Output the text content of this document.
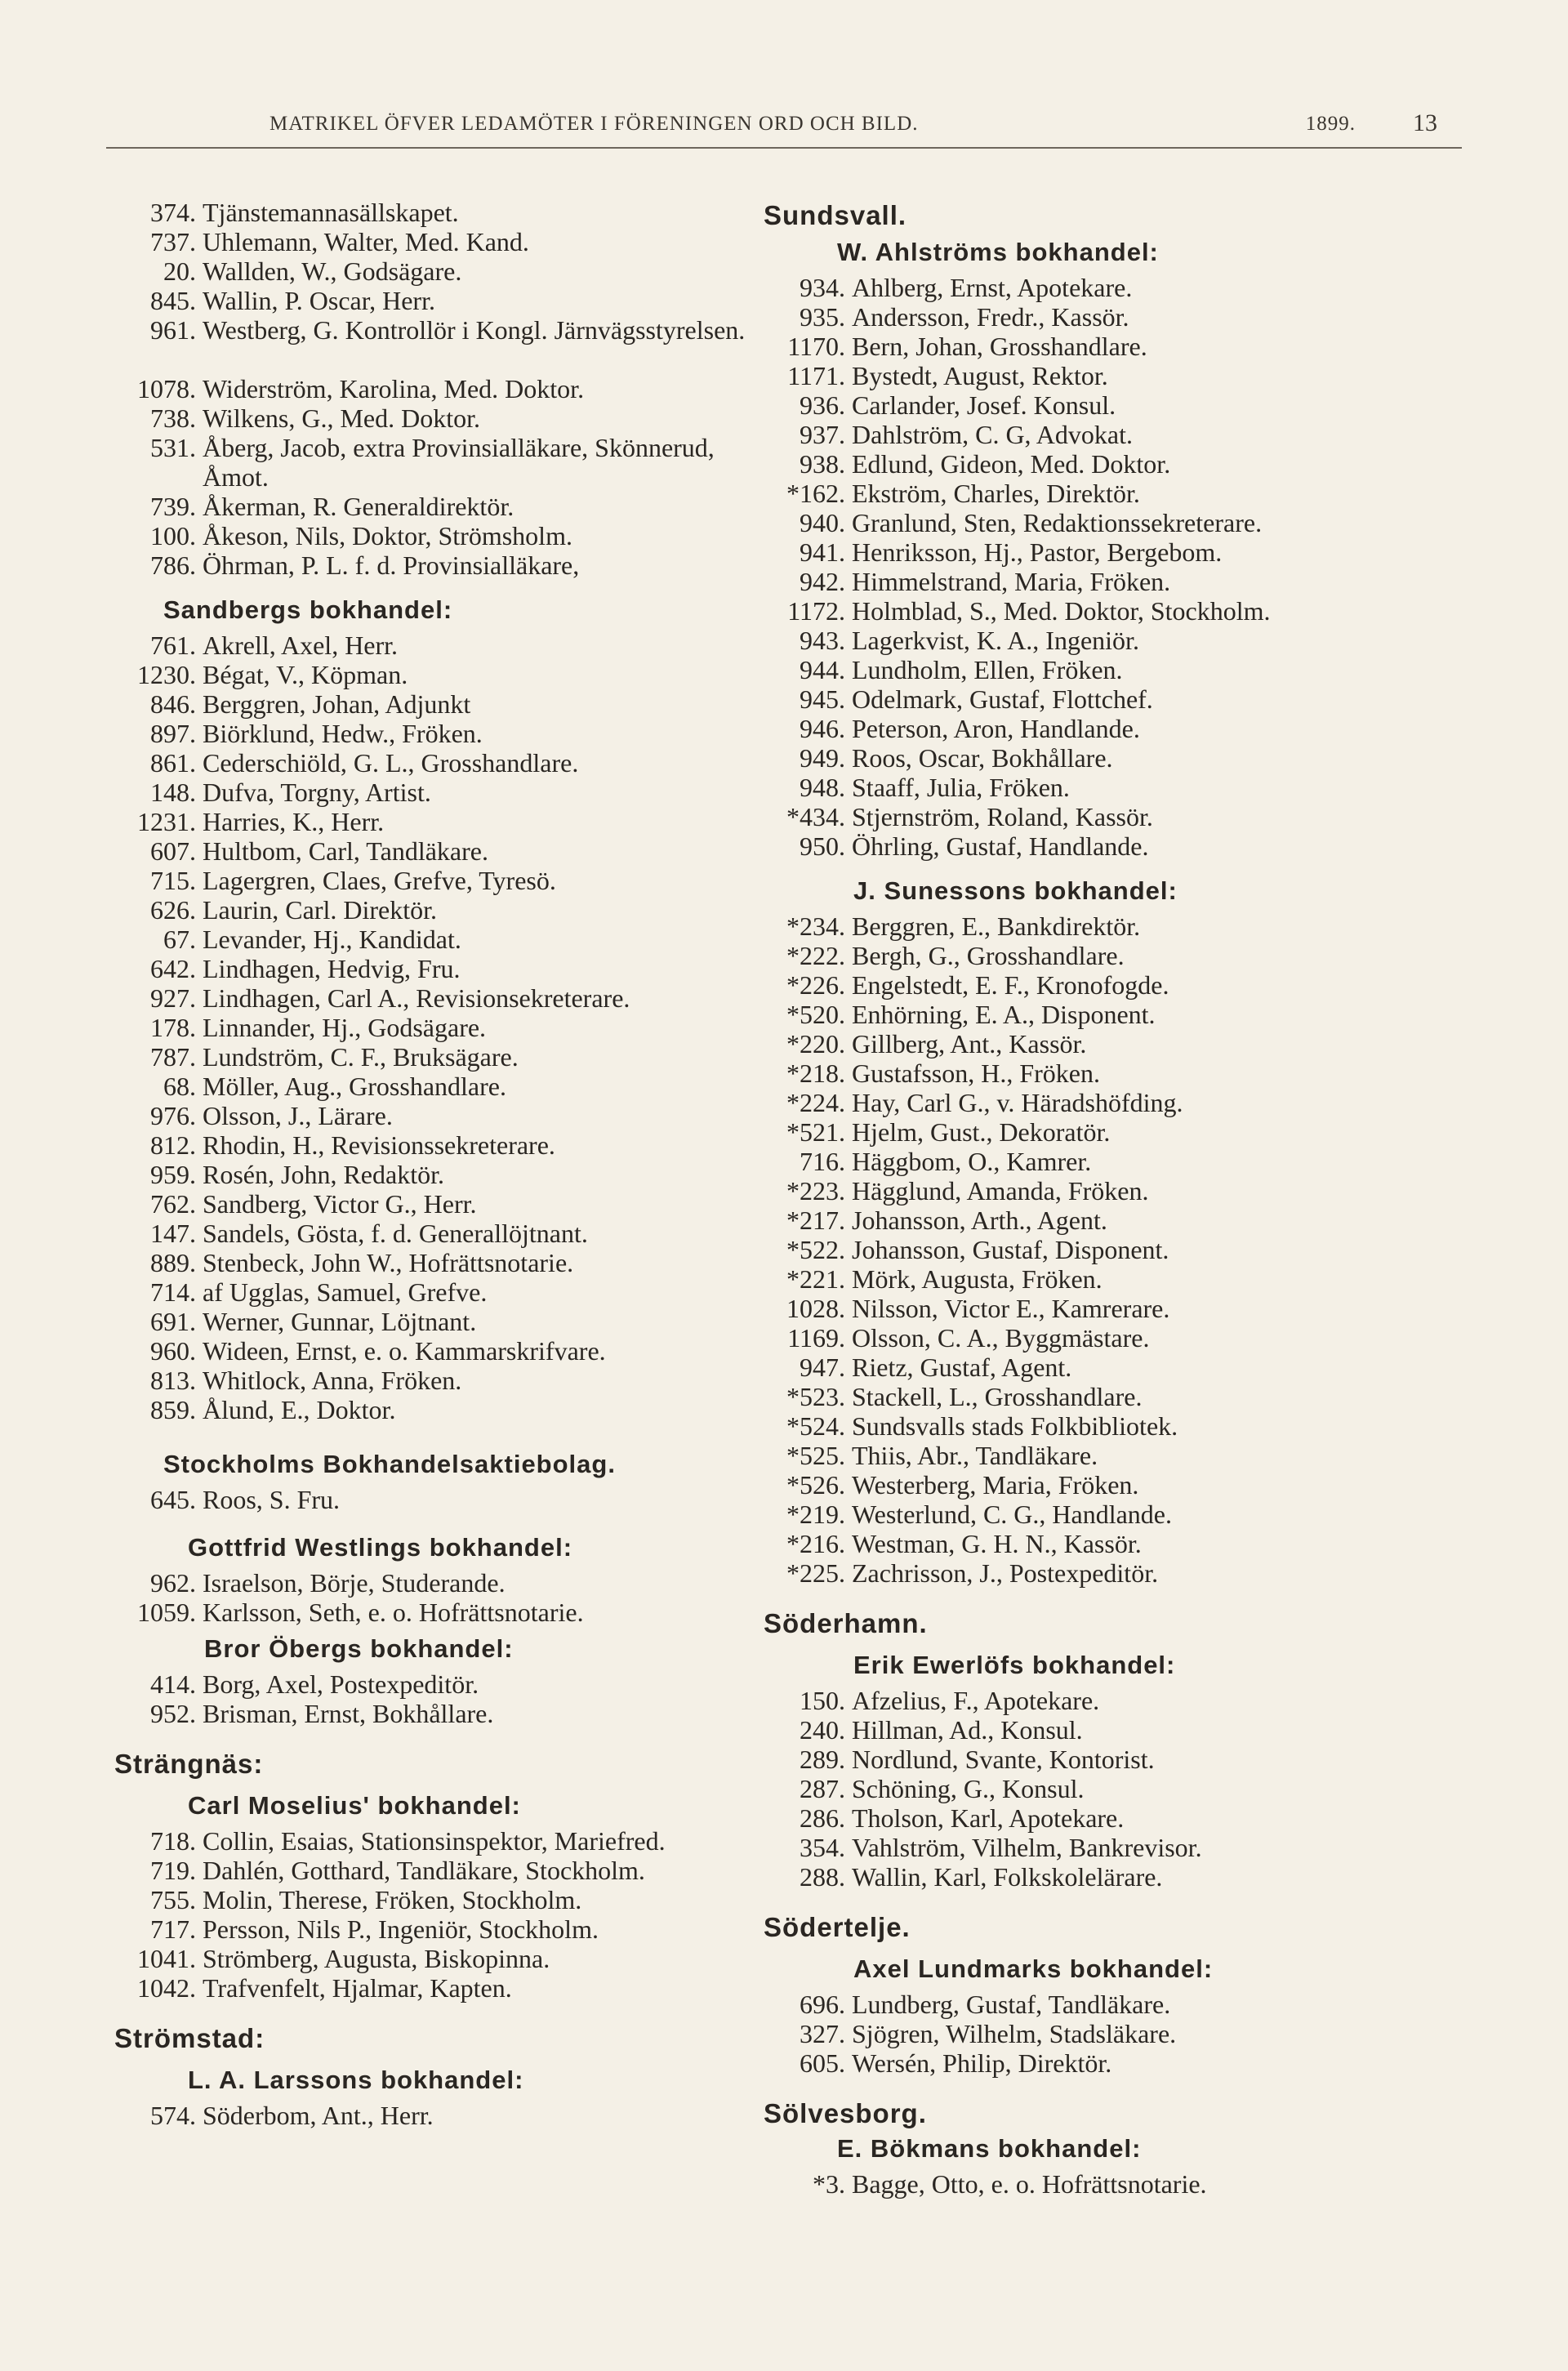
MATRIKEL ÖFVER LEDAMÖTER I FÖRENINGEN ORD OCH BILD.	1899. 13
374. Tjänstemannasällskapet.
737. Uhlemann, Walter, Med. Kand.
20. Wallden, W., Godsägare.
845. Wallin, P. Oscar, Herr.
961. Westberg, G. Kontrollör i Kongl. Järnvägsstyrelsen.
1078. Widerström, Karolina, Med. Doktor.
738. Wilkens, G., Med. Doktor.
531. Åberg, Jacob, extra Provinsialläkare, Skönnerud, Åmot.
739. Åkerman, R. Generaldirektör.
100. Åkeson, Nils, Doktor, Strömsholm.
786. Öhrman, P. L. f. d. Provinsialläkare,
Sandbergs bokhandel:
761. Akrell, Axel, Herr.
1230. Bégat, V., Köpman.
846. Berggren, Johan, Adjunkt
897. Biörklund, Hedw., Fröken.
861. Cederschiöld, G. L., Grosshandlare.
148. Dufva, Torgny, Artist.
1231. Harries, K., Herr.
607. Hultbom, Carl, Tandläkare.
715. Lagergren, Claes, Grefve, Tyresö.
626. Laurin, Carl. Direktör.
67. Levander, Hj., Kandidat.
642. Lindhagen, Hedvig, Fru.
927. Lindhagen, Carl A., Revisionsekreterare.
178. Linnander, Hj., Godsägare.
787. Lundström, C. F., Bruksägare.
68. Möller, Aug., Grosshandlare.
976. Olsson, J., Lärare.
812. Rhodin, H., Revisionssekreterare.
959. Rosén, John, Redaktör.
762. Sandberg, Victor G., Herr.
147. Sandels, Gösta, f. d. Generallöjtnant.
889. Stenbeck, John W., Hofrättsnotarie.
714. af Ugglas, Samuel, Grefve.
691. Werner, Gunnar, Löjtnant.
960. Wideen, Ernst, e. o. Kammarskrifvare.
813. Whitlock, Anna, Fröken.
859. Ålund, E., Doktor.
Stockholms Bokhandelsaktiebolag.
645. Roos, S. Fru.
Gottfrid Westlings bokhandel:
962. Israelson, Börje, Studerande.
1059. Karlsson, Seth, e. o. Hofrättsnotarie.
Bror Öbergs bokhandel:
414. Borg, Axel, Postexpeditör.
952. Brisman, Ernst, Bokhållare.
Strängnäs:
Carl Moselius' bokhandel:
718. Collin, Esaias, Stationsinspektor, Mariefred.
719. Dahlén, Gotthard, Tandläkare, Stockholm.
755. Molin, Therese, Fröken, Stockholm.
717. Persson, Nils P., Ingeniör, Stockholm.
1041. Strömberg, Augusta, Biskopinna.
1042. Trafvenfelt, Hjalmar, Kapten.
Strömstad:
L. A. Larssons bokhandel:
574. Söderbom, Ant., Herr.
Sundsvall.
W. Ahlströms bokhandel:
934. Ahlberg, Ernst, Apotekare.
935. Andersson, Fredr., Kassör.
1170. Bern, Johan, Grosshandlare.
1171. Bystedt, August, Rektor.
936. Carlander, Josef. Konsul.
937. Dahlström, C. G, Advokat.
938. Edlund, Gideon, Med. Doktor.
*162. Ekström, Charles, Direktör.
940. Granlund, Sten, Redaktionssekreterare.
941. Henriksson, Hj., Pastor, Bergebom.
942. Himmelstrand, Maria, Fröken.
1172. Holmblad, S., Med. Doktor, Stockholm.
943. Lagerkvist, K. A., Ingeniör.
944. Lundholm, Ellen, Fröken.
945. Odelmark, Gustaf, Flottchef.
946. Peterson, Aron, Handlande.
949. Roos, Oscar, Bokhållare.
948. Staaff, Julia, Fröken.
*434. Stjernström, Roland, Kassör.
950. Öhrling, Gustaf, Handlande.
J. Sunessons bokhandel:
*234. Berggren, E., Bankdirektör.
*222. Bergh, G., Grosshandlare.
*226. Engelstedt, E. F., Kronofogde.
*520. Enhörning, E. A., Disponent.
*220. Gillberg, Ant., Kassör.
*218. Gustafsson, H., Fröken.
*224. Hay, Carl G., v. Häradshöfding.
*521. Hjelm, Gust., Dekoratör.
716. Häggbom, O., Kamrer.
*223. Hägglund, Amanda, Fröken.
*217. Johansson, Arth., Agent.
*522. Johansson, Gustaf, Disponent.
*221. Mörk, Augusta, Fröken.
1028. Nilsson, Victor E., Kamrerare.
1169. Olsson, C. A., Byggmästare.
947. Rietz, Gustaf, Agent.
*523. Stackell, L., Grosshandlare.
*524. Sundsvalls stads Folkbibliotek.
*525. Thiis, Abr., Tandläkare.
*526. Westerberg, Maria, Fröken.
*219. Westerlund, C. G., Handlande.
*216. Westman, G. H. N., Kassör.
*225. Zachrisson, J., Postexpeditör.
Söderhamn.
Erik Ewerlöfs bokhandel:
150. Afzelius, F., Apotekare.
240. Hillman, Ad., Konsul.
289. Nordlund, Svante, Kontorist.
287. Schöning, G., Konsul.
286. Tholson, Karl, Apotekare.
354. Vahlström, Vilhelm, Bankrevisor.
288. Wallin, Karl, Folkskolelärare.
Södertelje.
Axel Lundmarks bokhandel:
696. Lundberg, Gustaf, Tandläkare.
327. Sjögren, Wilhelm, Stadsläkare.
605. Wersén, Philip, Direktör.
Sölvesborg.
E. Bökmans bokhandel:
*3. Bagge, Otto, e. o. Hofrättsnotarie.
